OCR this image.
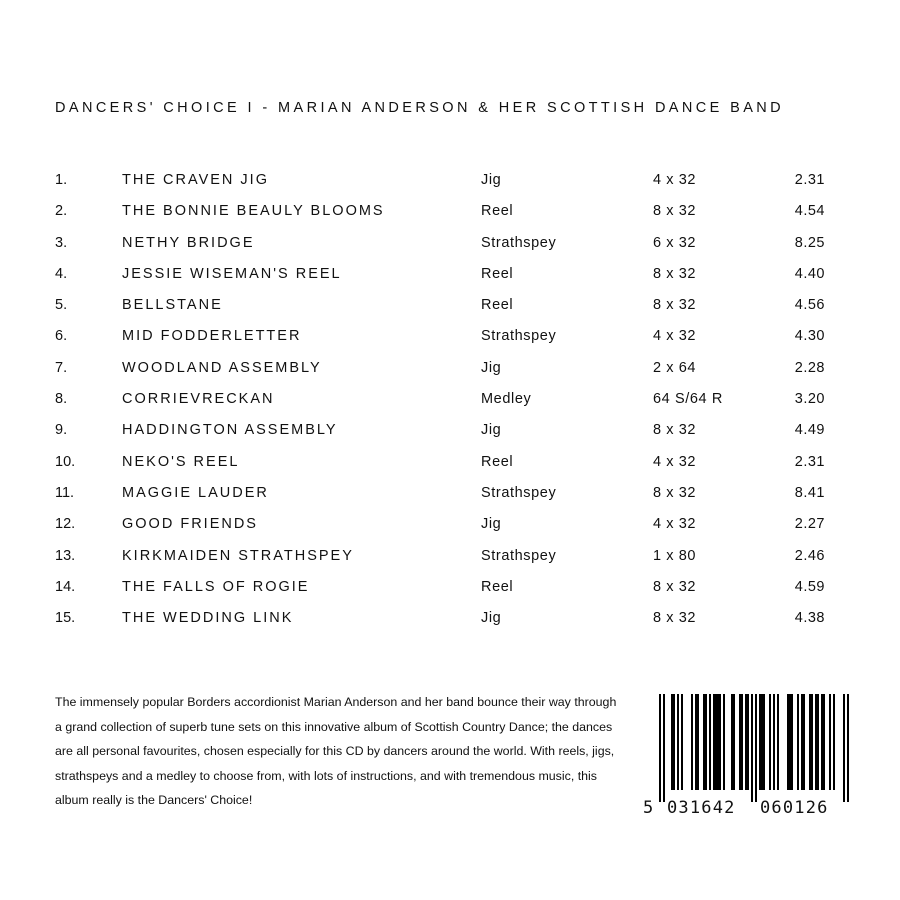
DANCERS' CHOICE I - MARIAN ANDERSON & HER SCOTTISH DANCE BAND
1.	THE CRAVEN JIG	Jig	4 x 32	2.31
2.	THE BONNIE BEAULY BLOOMS	Reel	8 x 32	4.54
3.	NETHY BRIDGE	Strathspey	6 x 32	8.25
4.	JESSIE WISEMAN'S REEL	Reel	8 x 32	4.40
5.	BELLSTANE	Reel	8 x 32	4.56
6.	MID FODDERLETTER	Strathspey	4 x 32	4.30
7.	WOODLAND ASSEMBLY	Jig	2 x 64	2.28
8.	CORRIEVRECKAN	Medley	64 S/64 R	3.20
9.	HADDINGTON ASSEMBLY	Jig	8 x 32	4.49
10.	NEKO'S REEL	Reel	4 x 32	2.31
11.	MAGGIE LAUDER	Strathspey	8 x 32	8.41
12.	GOOD FRIENDS	Jig	4 x 32	2.27
13.	KIRKMAIDEN STRATHSPEY	Strathspey	1 x 80	2.46
14.	THE FALLS OF ROGIE	Reel	8 x 32	4.59
15.	THE WEDDING LINK	Jig	8 x 32	4.38

The immensely popular Borders accordionist Marian Anderson and her band bounce their way through a grand collection of superb tune sets on this innovative album of Scottish Country Dance; the dances are all personal favourites, chosen especially for this CD by dancers around the world. With reels, jigs, strathspeys and a medley to choose from, with lots of instructions, and with tremendous music, this album really is the Dancers' Choice!	5 031642 060126
